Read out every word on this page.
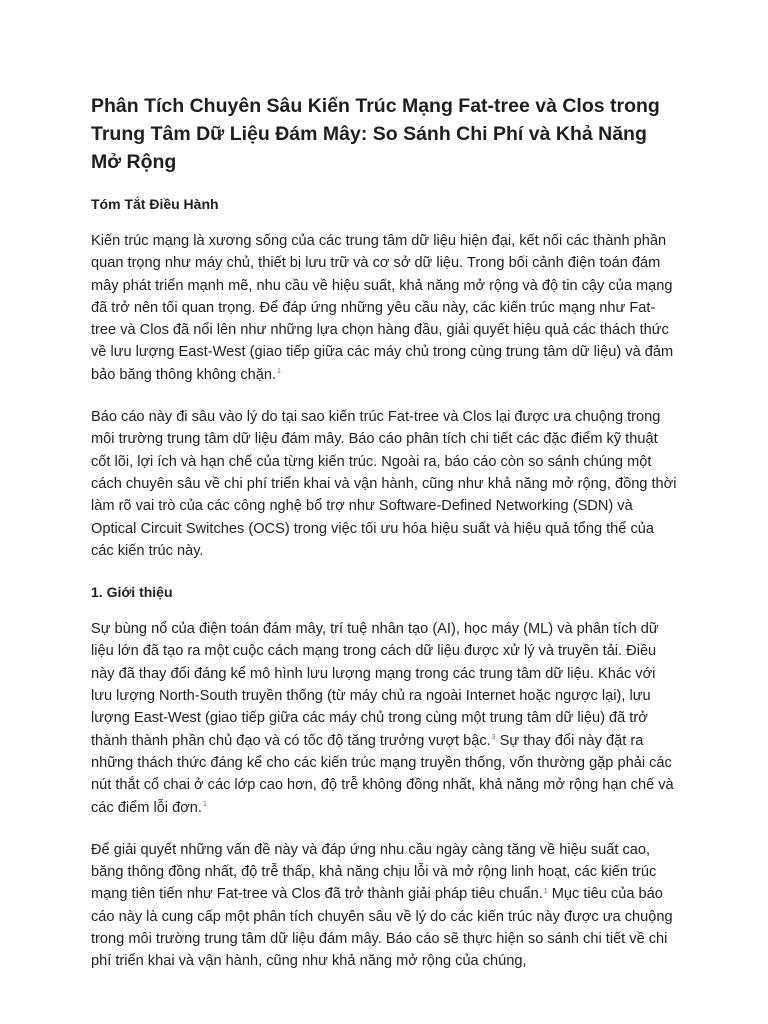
Phân Tích Chuyên Sâu Kiến Trúc Mạng Fat-tree và Clos trong Trung Tâm Dữ Liệu Đám Mây: So Sánh Chi Phí và Khả Năng Mở Rộng
Tóm Tắt Điều Hành

Kiến trúc mạng là xương sống của các trung tâm dữ liệu hiện đại, kết nối các thành phần quan trọng như máy chủ, thiết bị lưu trữ và cơ sở dữ liệu. Trong bối cảnh điện toán đám mây phát triển mạnh mẽ, nhu cầu về hiệu suất, khả năng mở rộng và độ tin cậy của mạng đã trở nên tối quan trọng. Để đáp ứng những yêu cầu này, các kiến trúc mạng như Fat-tree và Clos đã nổi lên như những lựa chọn hàng đầu, giải quyết hiệu quả các thách thức về lưu lượng East-West (giao tiếp giữa các máy chủ trong cùng trung tâm dữ liệu) và đảm bảo băng thông không chặn.$^1$

Báo cáo này đi sâu vào lý do tại sao kiến trúc Fat-tree và Clos lại được ưa chuộng trong môi trường trung tâm dữ liệu đám mây. Báo cáo phân tích chi tiết các đặc điểm kỹ thuật cốt lõi, lợi ích và hạn chế của từng kiến trúc. Ngoài ra, báo cáo còn so sánh chúng một cách chuyên sâu về chi phí triển khai và vận hành, cũng như khả năng mở rộng, đồng thời làm rõ vai trò của các công nghệ bổ trợ như Software-Defined Networking (SDN) và Optical Circuit Switches (OCS) trong việc tối ưu hóa hiệu suất và hiệu quả tổng thể của các kiến trúc này.

1. Giới thiệu

Sự bùng nổ của điện toán đám mây, trí tuệ nhân tạo (AI), học máy (ML) và phân tích dữ liệu lớn đã tạo ra một cuộc cách mạng trong cách dữ liệu được xử lý và truyền tải. Điều này đã thay đổi đáng kể mô hình lưu lượng mạng trong các trung tâm dữ liệu. Khác với lưu lượng North-South truyền thống (từ máy chủ ra ngoài Internet hoặc ngược lại), lưu lượng East-West (giao tiếp giữa các máy chủ trong cùng một trung tâm dữ liệu) đã trở thành thành phần chủ đạo và có tốc độ tăng trưởng vượt bậc.$^3$ Sự thay đổi này đặt ra những thách thức đáng kể cho các kiến trúc mạng truyền thống, vốn thường gặp phải các nút thắt cổ chai ở các lớp cao hơn, độ trễ không đồng nhất, khả năng mở rộng hạn chế và các điểm lỗi đơn.$^1$

Để giải quyết những vấn đề này và đáp ứng nhu cầu ngày càng tăng về hiệu suất cao, băng thông đồng nhất, độ trễ thấp, khả năng chịu lỗi và mở rộng linh hoạt, các kiến trúc mạng tiên tiến như Fat-tree và Clos đã trở thành giải pháp tiêu chuẩn.$^1$ Mục tiêu của báo cáo này là cung cấp một phân tích chuyên sâu về lý do các kiến trúc này được ưa chuộng trong môi trường trung tâm dữ liệu đám mây. Báo cáo sẽ thực hiện so sánh chi tiết về chi phí triển khai và vận hành, cũng như khả năng mở rộng của chúng,
